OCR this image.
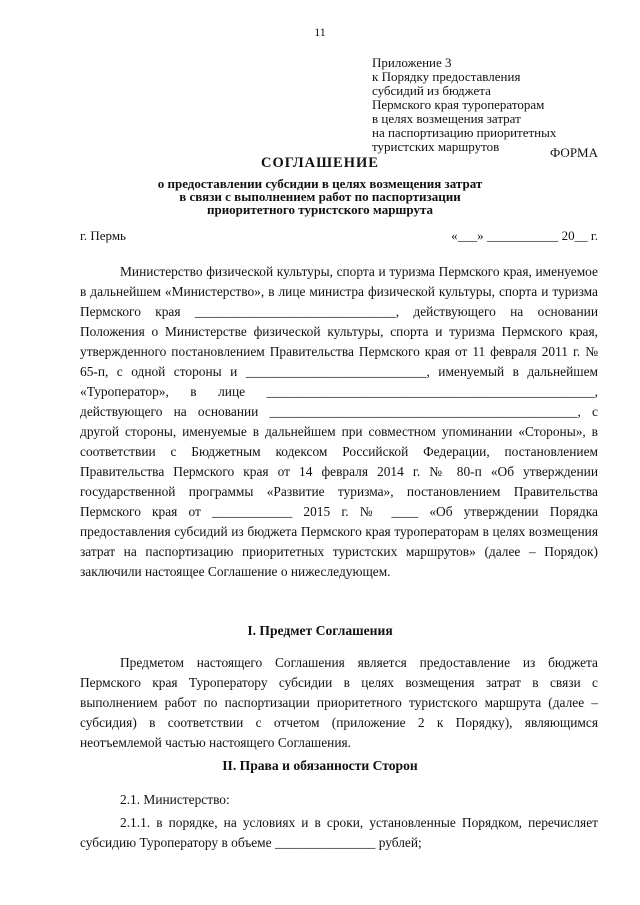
11
Приложение 3
к Порядку предоставления
субсидий из бюджета
Пермского края туроператорам
в целях возмещения затрат
на паспортизацию приоритетных
туристских маршрутов	ФОРМА
СОГЛАШЕНИЕ
о предоставлении субсидии в целях возмещения затрат
в связи с выполнением работ по паспортизации
приоритетного туристского маршрута
г. Пермь	«___» ___________ 20__ г.

Министерство физической культуры, спорта и туризма Пермского края, именуемое в дальнейшем «Министерство», в лице министра физической культуры, спорта и туризма Пермского края ______________________________, действующего на основании Положения о Министерстве физической культуры, спорта и туризма Пермского края, утвержденного постановлением Правительства Пермского края от 11 февраля 2011 г. № 65-п, с одной стороны и ___________________________, именуемый в дальнейшем «Туроператор», в лице _________________________________________________, действующего на основании ______________________________________________, с другой стороны, именуемые в дальнейшем при совместном упоминании «Стороны», в соответствии с Бюджетным кодексом Российской Федерации, постановлением Правительства Пермского края от 14 февраля 2014 г. № 80-п «Об утверждении государственной программы «Развитие туризма», постановлением Правительства Пермского края от ____________ 2015 г. № ____ «Об утверждении Порядка предоставления субсидий из бюджета Пермского края туроператорам в целях возмещения затрат на паспортизацию приоритетных туристских маршрутов» (далее – Порядок) заключили настоящее Соглашение о нижеследующем.

I. Предмет Соглашения

Предметом настоящего Соглашения является предоставление из бюджета Пермского края Туроператору субсидии в целях возмещения затрат в связи с выполнением работ по паспортизации приоритетного туристского маршрута (далее – субсидия) в соответствии с отчетом (приложение 2 к Порядку), являющимся неотъемлемой частью настоящего Соглашения.

II. Права и обязанности Сторон

2.1. Министерство:

2.1.1. в порядке, на условиях и в сроки, установленные Порядком, перечисляет субсидию Туроператору в объеме _______________ рублей;
